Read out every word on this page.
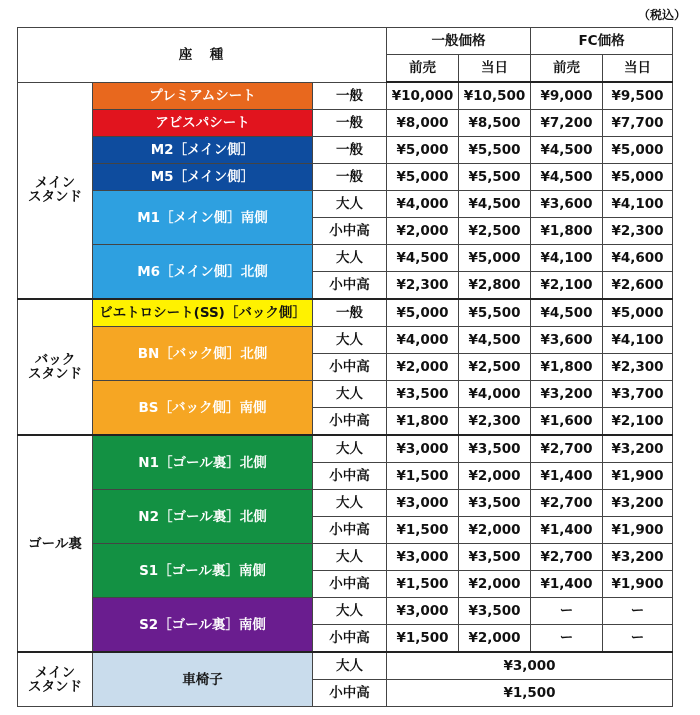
（税込）
座　種			一般価格		FC価格	
			前売	当日	前売	当日
メイン
スタンド	プレミアムシート	一般	¥10,000	¥10,500	¥9,000	¥9,500
	アビスパシート	一般	¥8,000	¥8,500	¥7,200	¥7,700
	M2［メイン側］	一般	¥5,000	¥5,500	¥4,500	¥5,000
	M5［メイン側］	一般	¥5,000	¥5,500	¥4,500	¥5,000
	M1［メイン側］南側	大人	¥4,000	¥4,500	¥3,600	¥4,100
		小中高	¥2,000	¥2,500	¥1,800	¥2,300
	M6［メイン側］北側	大人	¥4,500	¥5,000	¥4,100	¥4,600
		小中高	¥2,300	¥2,800	¥2,100	¥2,600
バック
スタンド	ビエトロシート(SS)［バック側］	一般	¥5,000	¥5,500	¥4,500	¥5,000
	BN［バック側］北側	大人	¥4,000	¥4,500	¥3,600	¥4,100
		小中高	¥2,000	¥2,500	¥1,800	¥2,300
	BS［バック側］南側	大人	¥3,500	¥4,000	¥3,200	¥3,700
		小中高	¥1,800	¥2,300	¥1,600	¥2,100
ゴール裏	N1［ゴール裏］北側	大人	¥3,000	¥3,500	¥2,700	¥3,200
		小中高	¥1,500	¥2,000	¥1,400	¥1,900
	N2［ゴール裏］北側	大人	¥3,000	¥3,500	¥2,700	¥3,200
		小中高	¥1,500	¥2,000	¥1,400	¥1,900
	S1［ゴール裏］南側	大人	¥3,000	¥3,500	¥2,700	¥3,200
		小中高	¥1,500	¥2,000	¥1,400	¥1,900
	S2［ゴール裏］南側	大人	¥3,000	¥3,500	ー	ー
		小中高	¥1,500	¥2,000	ー	ー
メイン
スタンド	車椅子	大人	¥3,000			
		小中高	¥1,500			
